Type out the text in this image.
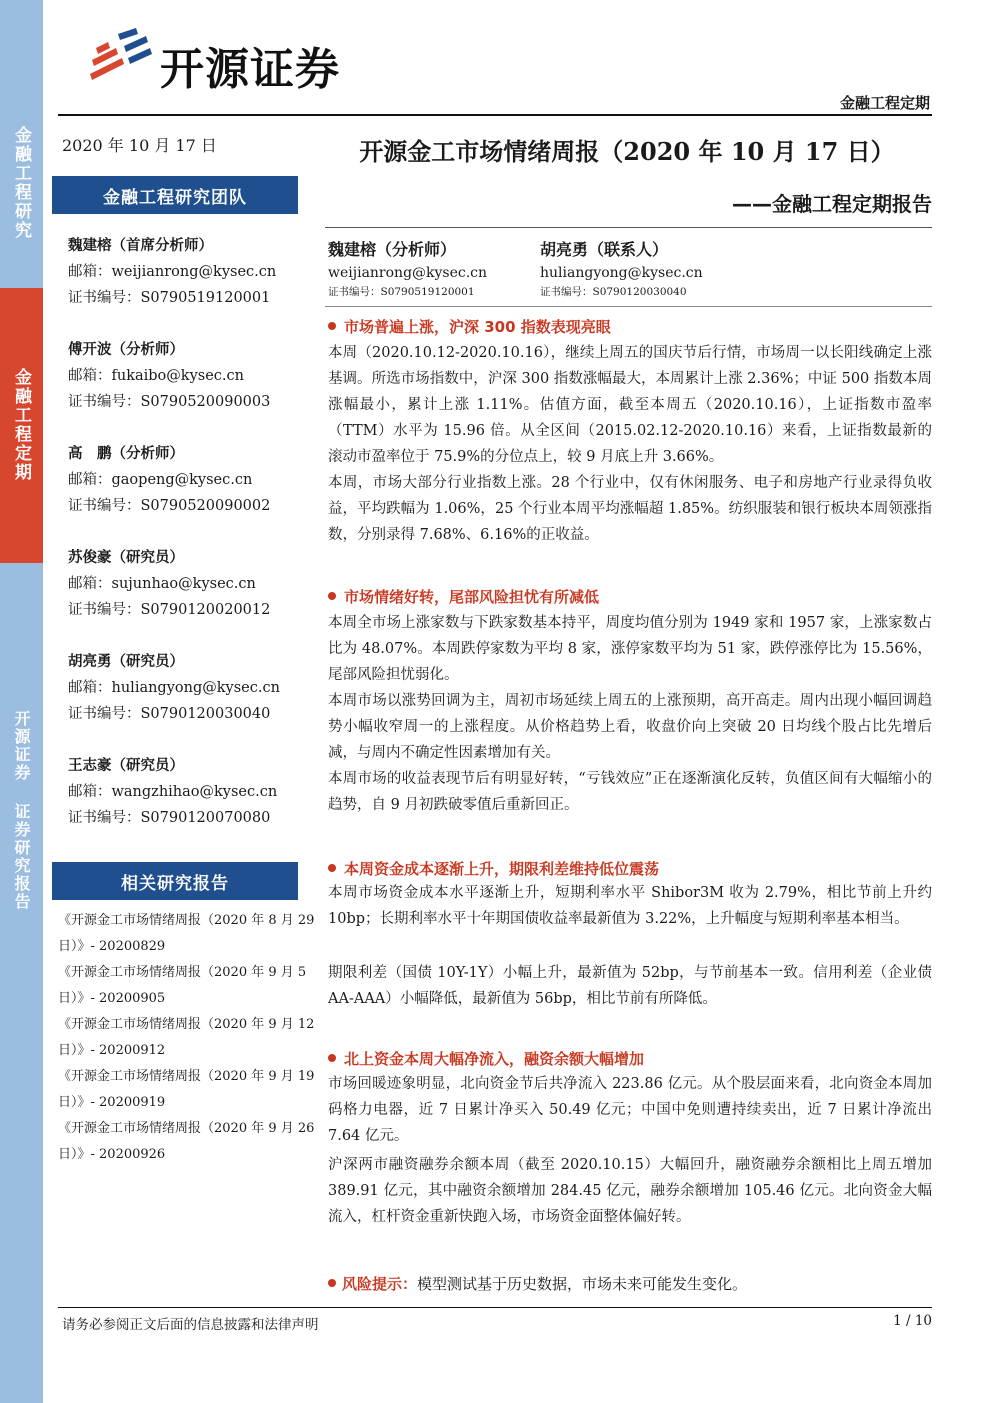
金融工程研究
金融工程定期
开源证券 证券研究报告
开源证券
金融工程定期
2020 年 10 月 17 日
金融工程研究团队
魏建榕（首席分析师）
邮箱：weijianrong@kysec.cn
证书编号：S0790519120001
傅开波（分析师）
邮箱：fukaibo@kysec.cn
证书编号：S0790520090003
高　鹏（分析师）
邮箱：gaopeng@kysec.cn
证书编号：S0790520090002
苏俊豪（研究员）
邮箱：sujunhao@kysec.cn
证书编号：S0790120020012
胡亮勇（研究员）
邮箱：huliangyong@kysec.cn
证书编号：S0790120030040
王志豪（研究员）
邮箱：wangzhihao@kysec.cn
证书编号：S0790120070080
相关研究报告
《开源金工市场情绪周报（2020 年 8 月 29 日）》- 20200829
《开源金工市场情绪周报（2020 年 9 月 5 日）》- 20200905
《开源金工市场情绪周报（2020 年 9 月 12 日）》- 20200912
《开源金工市场情绪周报（2020 年 9 月 19 日）》- 20200919
《开源金工市场情绪周报（2020 年 9 月 26 日）》- 20200926
开源金工市场情绪周报（2020 年 10 月 17 日）
——金融工程定期报告
魏建榕（分析师）
weijianrong@kysec.cn
证书编号：S0790519120001
胡亮勇（联系人）
huliangyong@kysec.cn
证书编号：S0790120030040
市场普遍上涨，沪深 300 指数表现亮眼

本周（2020.10.12-2020.10.16），继续上周五的国庆节后行情，市场周一以长阳线确定上涨基调。所选市场指数中，沪深 300 指数涨幅最大，本周累计上涨 2.36%；中证 500 指数本周涨幅最小，累计上涨 1.11%。估值方面，截至本周五（2020.10.16），上证指数市盈率（TTM）水平为 15.96 倍。从全区间（2015.02.12-2020.10.16）来看，上证指数最新的滚动市盈率位于 75.9%的分位点上，较 9 月底上升 3.66%。

本周，市场大部分行业指数上涨。28 个行业中，仅有休闲服务、电子和房地产行业录得负收益，平均跌幅为 1.06%，25 个行业本周平均涨幅超 1.85%。纺织服装和银行板块本周领涨指数，分别录得 7.68%、6.16%的正收益。

市场情绪好转，尾部风险担忧有所减低

本周全市场上涨家数与下跌家数基本持平，周度均值分别为 1949 家和 1957 家，上涨家数占比为 48.07%。本周跌停家数为平均 8 家，涨停家数平均为 51 家，跌停涨停比为 15.56%，尾部风险担忧弱化。

本周市场以涨势回调为主，周初市场延续上周五的上涨预期，高开高走。周内出现小幅回调趋势小幅收窄周一的上涨程度。从价格趋势上看，收盘价向上突破 20 日均线个股占比先增后减，与周内不确定性因素增加有关。

本周市场的收益表现节后有明显好转，“亏钱效应”正在逐渐演化反转，负值区间有大幅缩小的趋势，自 9 月初跌破零值后重新回正。

本周资金成本逐渐上升，期限利差维持低位震荡

本周市场资金成本水平逐渐上升，短期利率水平 Shibor3M 收为 2.79%，相比节前上升约 10bp；长期利率水平十年期国债收益率最新值为 3.22%，上升幅度与短期利率基本相当。

期限利差（国债 10Y-1Y）小幅上升，最新值为 52bp，与节前基本一致。信用利差（企业债 AA-AAA）小幅降低，最新值为 56bp，相比节前有所降低。

北上资金本周大幅净流入，融资余额大幅增加

市场回暖迹象明显，北向资金节后共净流入 223.86 亿元。从个股层面来看，北向资金本周加码格力电器，近 7 日累计净买入 50.49 亿元；中国中免则遭持续卖出，近 7 日累计净流出 7.64 亿元。

沪深两市融资融券余额本周（截至 2020.10.15）大幅回升，融资融券余额相比上周五增加 389.91 亿元，其中融资余额增加 284.45 亿元，融券余额增加 105.46 亿元。北向资金大幅流入，杠杆资金重新快跑入场，市场资金面整体偏好转。

风险提示：模型测试基于历史数据，市场未来可能发生变化。
请务必参阅正文后面的信息披露和法律声明	1 / 10
